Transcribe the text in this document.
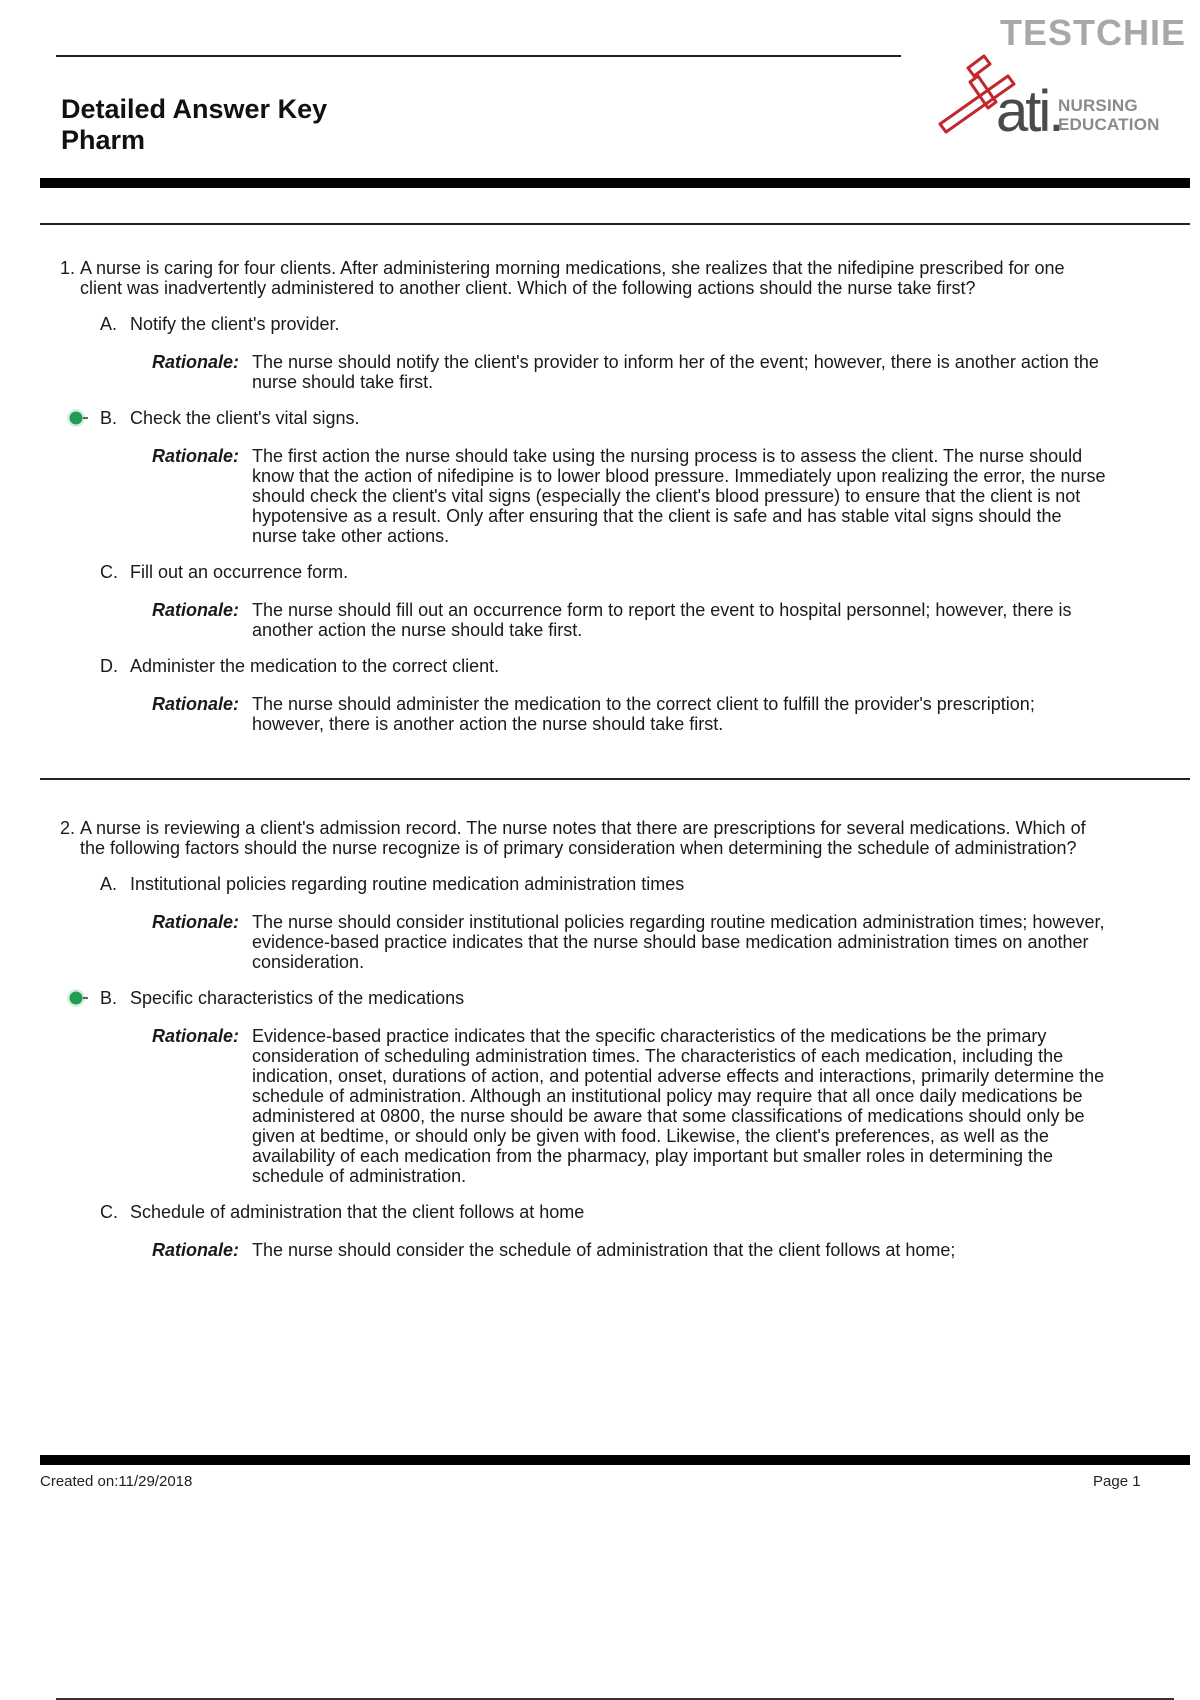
TESTCHIE
Detailed Answer Key
Pharm	ati.
NURSING
EDUCATION
1. A nurse is caring for four clients. After administering morning medications, she realizes that the nifedipine prescribed for one client was inadvertently administered to another client. Which of the following actions should the nurse take first?
A. Notify the client's provider.
Rationale: The nurse should notify the client's provider to inform her of the event; however, there is another action the nurse should take first.
B. Check the client's vital signs.
Rationale: The first action the nurse should take using the nursing process is to assess the client. The nurse should know that the action of nifedipine is to lower blood pressure. Immediately upon realizing the error, the nurse should check the client's vital signs (especially the client's blood pressure) to ensure that the client is not hypotensive as a result. Only after ensuring that the client is safe and has stable vital signs should the nurse take other actions.
C. Fill out an occurrence form.
Rationale: The nurse should fill out an occurrence form to report the event to hospital personnel; however, there is another action the nurse should take first.
D. Administer the medication to the correct client.
Rationale: The nurse should administer the medication to the correct client to fulfill the provider's prescription; however, there is another action the nurse should take first.
2. A nurse is reviewing a client's admission record. The nurse notes that there are prescriptions for several medications. Which of the following factors should the nurse recognize is of primary consideration when determining the schedule of administration?
A. Institutional policies regarding routine medication administration times
Rationale: The nurse should consider institutional policies regarding routine medication administration times; however, evidence-based practice indicates that the nurse should base medication administration times on another consideration.
B. Specific characteristics of the medications
Rationale: Evidence-based practice indicates that the specific characteristics of the medications be the primary consideration of scheduling administration times. The characteristics of each medication, including the indication, onset, durations of action, and potential adverse effects and interactions, primarily determine the schedule of administration. Although an institutional policy may require that all once daily medications be administered at 0800, the nurse should be aware that some classifications of medications should only be given at bedtime, or should only be given with food. Likewise, the client's preferences, as well as the availability of each medication from the pharmacy, play important but smaller roles in determining the schedule of administration.
C. Schedule of administration that the client follows at home
Rationale: The nurse should consider the schedule of administration that the client follows at home;
Created on:11/29/2018	Page 1
